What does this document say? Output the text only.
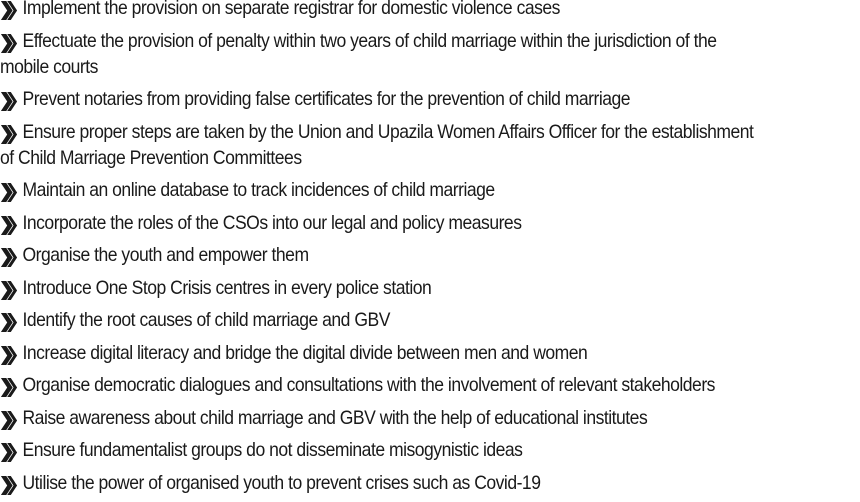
Implement the provision on separate registrar for domestic violence cases
Effectuate the provision of penalty within two years of child marriage within the jurisdiction of the
mobile courts
Prevent notaries from providing false certificates for the prevention of child marriage
Ensure proper steps are taken by the Union and Upazila Women Affairs Officer for the establishment
of Child Marriage Prevention Committees
Maintain an online database to track incidences of child marriage
Incorporate the roles of the CSOs into our legal and policy measures
Organise the youth and empower them
Introduce One Stop Crisis centres in every police station
Identify the root causes of child marriage and GBV
Increase digital literacy and bridge the digital divide between men and women
Organise democratic dialogues and consultations with the involvement of relevant stakeholders
Raise awareness about child marriage and GBV with the help of educational institutes
Ensure fundamentalist groups do not disseminate misogynistic ideas
Utilise the power of organised youth to prevent crises such as Covid-19
